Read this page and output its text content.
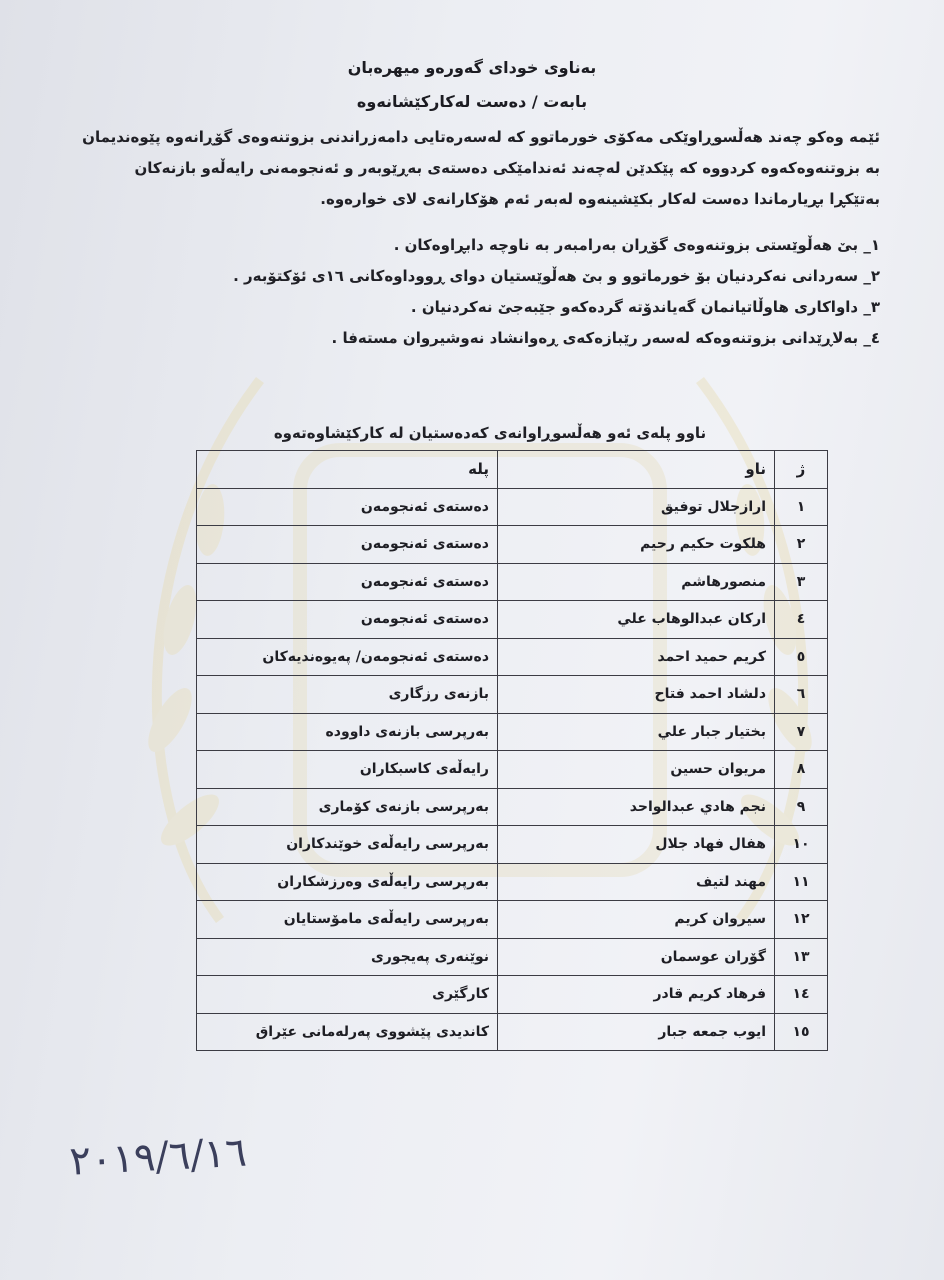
بەناوی خودای گەورەو میهرەبان
بابەت / دەست لەکارکێشانەوە

ئێمە وەکو چەند هەڵسوڕاوێکی مەکۆی خورماتوو کە لەسەرەتایی دامەزراندنی بزوتنەوەی گۆڕانەوە پێوەندیمان

بە بزوتنەوەکەوە کردووە کە پێکدێن لەچەند ئەندامێکی دەستەی بەڕێوبەر و ئەنجومەنی رایەڵەو بازنەکان

بەتێکڕا بڕیارماندا دەست لەکار بکێشینەوە لەبەر ئەم هۆکارانەی لای خوارەوە.

١_ بێ هەڵوێستی بزوتنەوەی گۆڕان بەرامبەر بە ناوچە دابڕاوەکان .

٢_ سەردانی نەکردنیان بۆ خورماتوو و بێ هەڵوێستیان دوای ڕووداوەکانی ١٦ی ئۆکتۆبەر .

٣_ داواکاری هاوڵاتیانمان گەیاندۆتە گردەکەو جێبەجێ نەکردنیان .

٤_ بەلاڕێدانی بزوتنەوەکە لەسەر رێبازەکەی ڕەوانشاد نەوشیروان مستەفا .

ناوو پلەی ئەو هەڵسوڕاوانەی کەدەستیان لە کارکێشاوەتەوە
ژ	ناو	پلە
١	ارازجلال توفيق	دەستەی ئەنجومەن
٢	هلكوت حكيم رحيم	دەستەی ئەنجومەن
٣	منصورهاشم	دەستەی ئەنجومەن
٤	اركان عبدالوهاب علي	دەستەی ئەنجومەن
٥	كريم حميد احمد	دەستەی ئەنجومەن/ پەیوەندیەکان
٦	دلشاد احمد فتاح	بازنەی رزگاری
٧	بختيار جبار علي	بەرپرسی بازنەی داوودە
٨	مريوان حسين	رایەڵەی کاسبکاران
٩	نجم هادي عبدالواحد	بەرپرسی بازنەی کۆماری
١٠	هفال فهاد جلال	بەرپرسی رایەڵەی خوێندکاران
١١	مهند لتيف	بەرپرسی رایەڵەی وەرزشکاران
١٢	سيروان كريم	بەرپرسی رایەڵەی مامۆستایان
١٣	گۆران عوسمان	نوێنەری پەیجوری
١٤	فرهاد كريم قادر	کارگێری
١٥	ايوب جمعه جبار	کاندیدی پێشووی پەرلەمانی عێراق
٢٠١٩/٦/١٦
